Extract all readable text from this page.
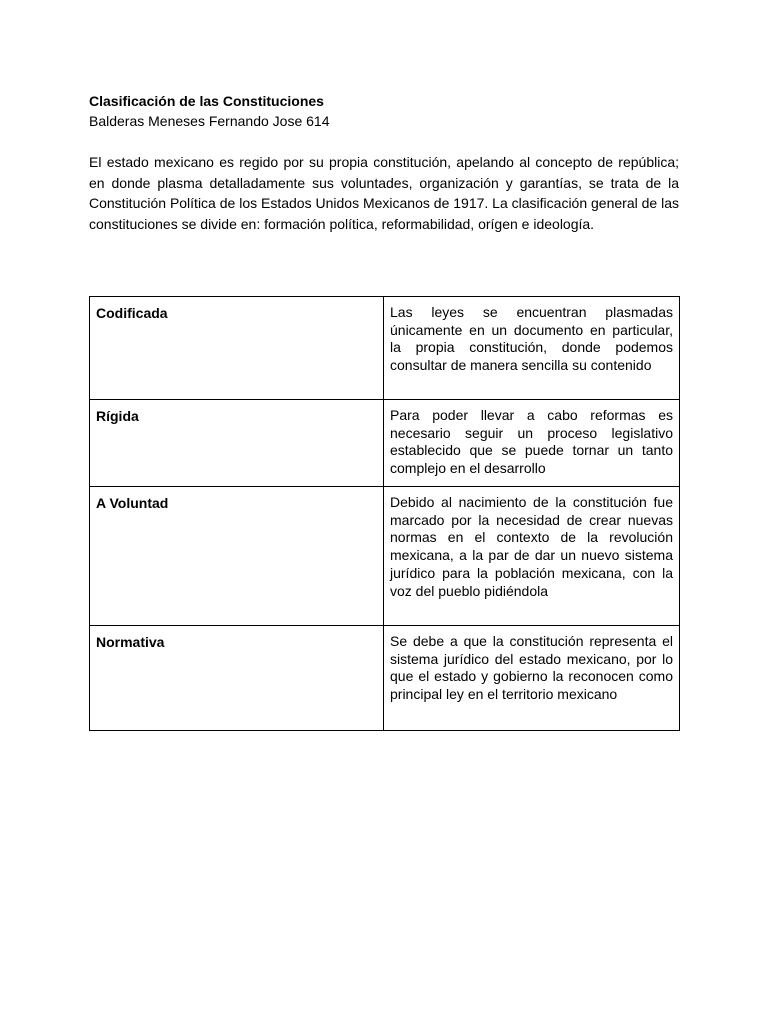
Clasificación de las Constituciones

Balderas Meneses Fernando Jose 614

El estado mexicano es regido por su propia constitución, apelando al concepto de república; en donde plasma detalladamente sus voluntades, organización y garantías, se trata de la Constitución Política de los Estados Unidos Mexicanos de 1917. La clasificación general de las constituciones se divide en: formación política, reformabilidad, orígen e ideología.

Codificada	Las leyes se encuentran plasmadas únicamente en un documento en particular, la propia constitución, donde podemos consultar de manera sencilla su contenido
Rígida	Para poder llevar a cabo reformas es necesario seguir un proceso legislativo establecido que se puede tornar un tanto complejo en el desarrollo
A Voluntad	Debido al nacimiento de la constitución fue marcado por la necesidad de crear nuevas normas en el contexto de la revolución mexicana, a la par de dar un nuevo sistema jurídico para la población mexicana, con la voz del pueblo pidiéndola
Normativa	Se debe a que la constitución representa el sistema jurídico del estado mexicano, por lo que el estado y gobierno la reconocen como principal ley en el territorio mexicano
